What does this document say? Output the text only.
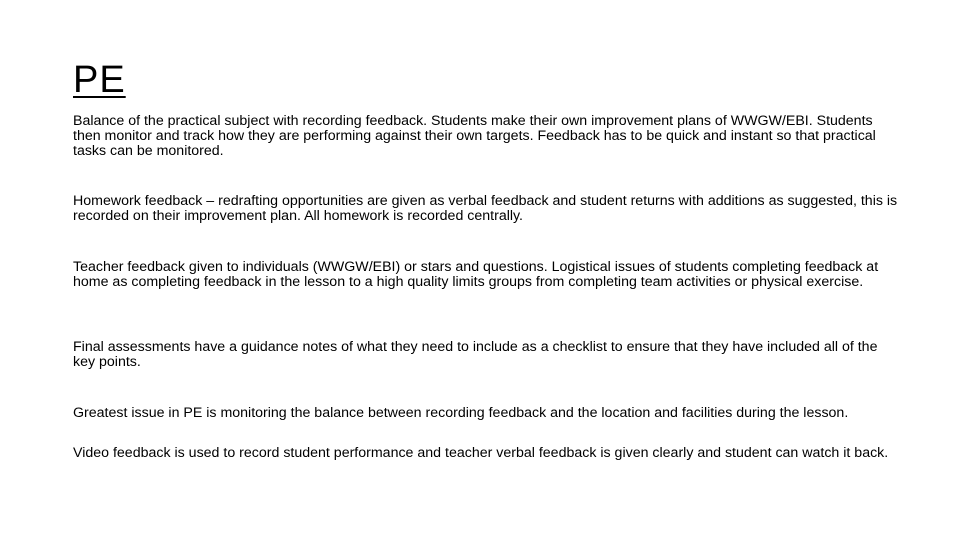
PE

Balance of the practical subject with recording feedback. Students make their own improvement plans of WWGW/EBI. Students then monitor and track how they are performing against their own targets. Feedback has to be quick and instant so that practical tasks can be monitored.

Homework feedback – redrafting opportunities are given as verbal feedback and student returns with additions as suggested, this is recorded on their improvement plan. All homework is recorded centrally.

Teacher feedback given to individuals (WWGW/EBI) or stars and questions. Logistical issues of students completing feedback at home as completing feedback in the lesson to a high quality limits groups from completing team activities or physical exercise.

Final assessments have a guidance notes of what they need to include as a checklist to ensure that they have included all of the key points.

Greatest issue in PE is monitoring the balance between recording feedback and the location and facilities during the lesson.

Video feedback is used to record student performance and teacher verbal feedback is given clearly and student can watch it back.
